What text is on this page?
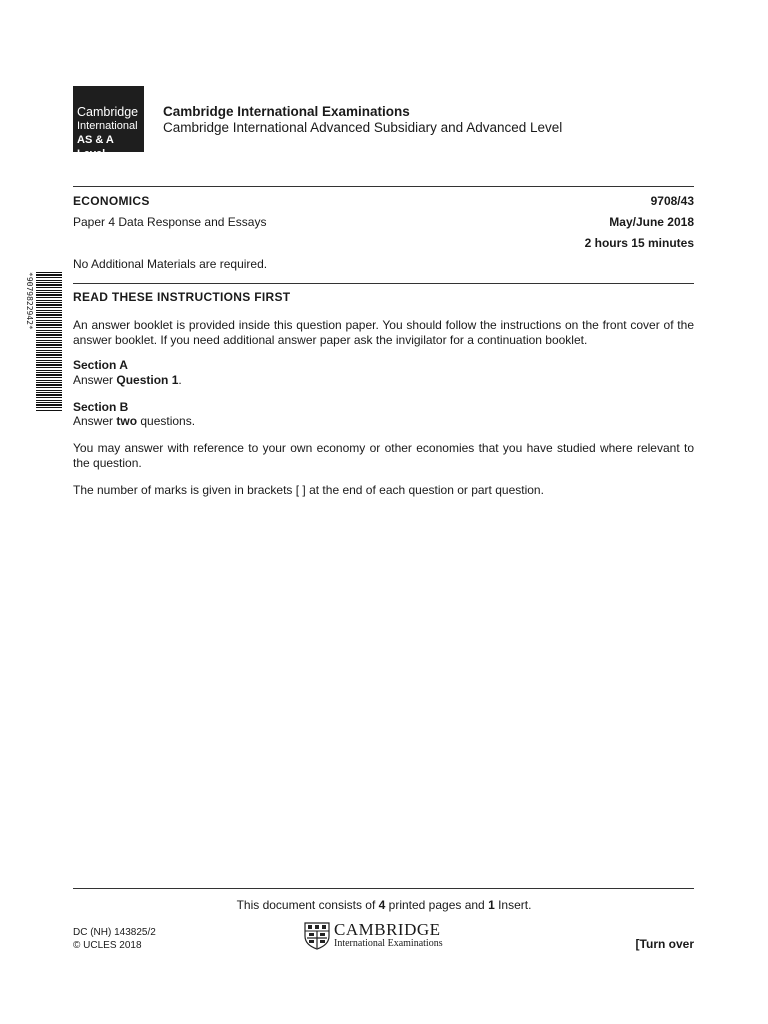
Cambridge
International
AS & A Level
Cambridge International Examinations
Cambridge International Advanced Subsidiary and Advanced Level
ECONOMICS	9708/43
Paper 4 Data Response and Essays	May/June 2018
2 hours 15 minutes
No Additional Materials are required.
*9079822942*	READ THESE INSTRUCTIONS FIRST
An answer booklet is provided inside this question paper. You should follow the instructions on the front cover of the answer booklet. If you need additional answer paper ask the invigilator for a continuation booklet.
Section A
Answer Question 1.
Section B
Answer two questions.
You may answer with reference to your own economy or other economies that you have studied where relevant to the question.
The number of marks is given in brackets [ ] at the end of each question or part question.
This document consists of 4 printed pages and 1 Insert.
DC (NH) 143825/2
© UCLES 2018
CAMBRIDGE
International Examinations	[Turn over
